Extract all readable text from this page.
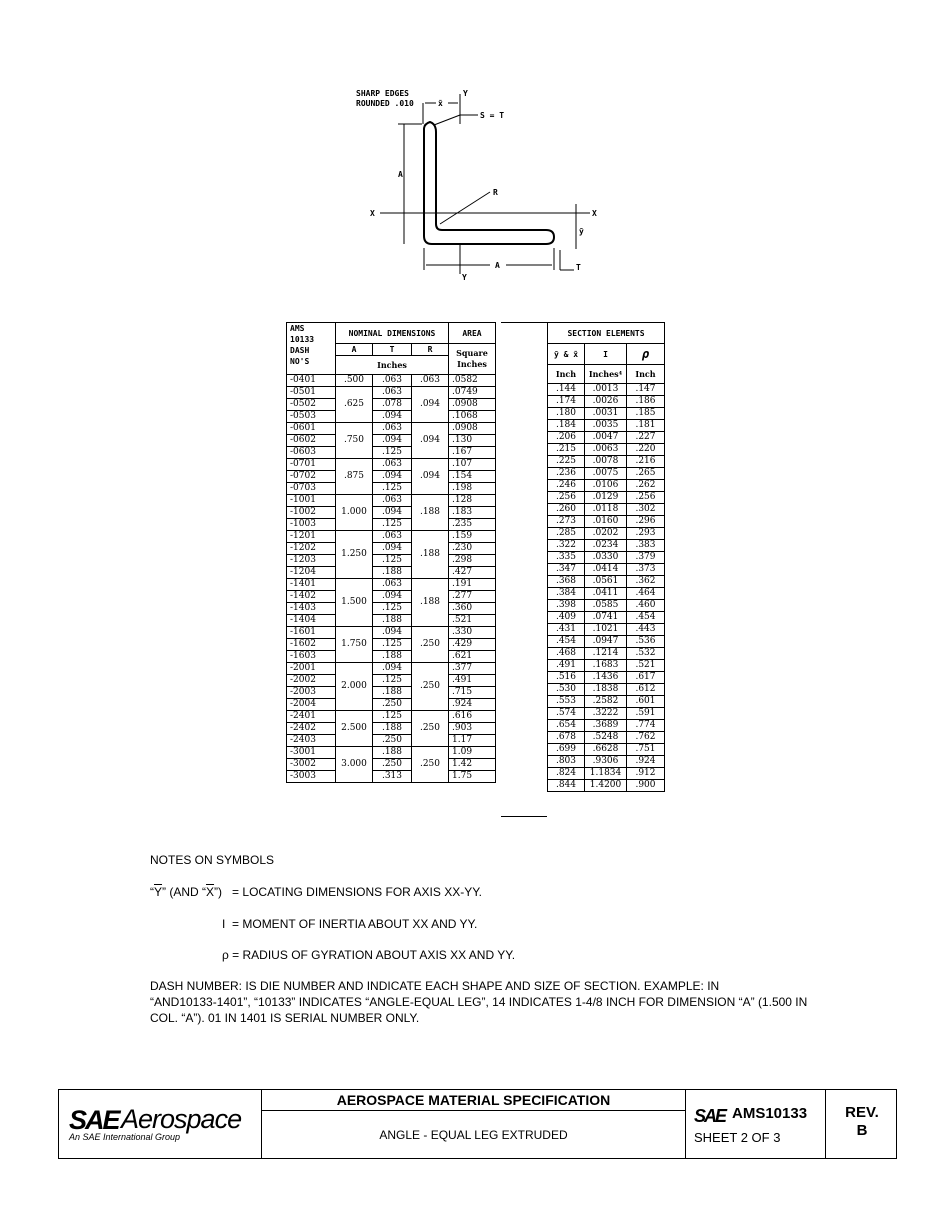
SHARP EDGES
ROUNDED .010	x̄
Y
S = T
R
X	X
Y
A
A
ȳ
T
AMS
10133
DASH
NO'S	NOMINAL DIMENSIONS			AREA
	A	T	R	Square
Inches

	Inches			
-0401	.500	.063	.063	.0582
-0501	.625	.063	.094	.0749
-0502		.078		.0908
-0503		.094		.1068
-0601	.750	.063	.094	.0908
-0602		.094		.130
-0603		.125		.167
-0701	.875	.063	.094	.107
-0702		.094		.154
-0703		.125		.198
-1001	1.000	.063	.188	.128
-1002		.094		.183
-1003		.125		.235
-1201	1.250	.063	.188	.159
-1202		.094		.230
-1203		.125		.298
-1204		.188		.427
-1401	1.500	.063	.188	.191
-1402		.094		.277
-1403		.125		.360
-1404		.188		.521
-1601	1.750	.094	.250	.330
-1602		.125		.429
-1603		.188		.621
-2001	2.000	.094	.250	.377
-2002		.125		.491
-2003		.188		.715
-2004		.250		.924
-2401	2.500	.125	.250	.616
-2402		.188		.903
-2403		.250		1.17
-3001	3.000	.188	.250	1.09
-3002		.250		1.42
-3003		.313		1.75
SECTION ELEMENTS		
ȳ & x̄	I	ρ
Inch	Inches⁴	Inch
.144	.0013	.147
.174	.0026	.186
.180	.0031	.185
.184	.0035	.181
.206	.0047	.227
.215	.0063	.220
.225	.0078	.216
.236	.0075	.265
.246	.0106	.262
.256	.0129	.256
.260	.0118	.302
.273	.0160	.296
.285	.0202	.293
.322	.0234	.383
.335	.0330	.379
.347	.0414	.373
.368	.0561	.362
.384	.0411	.464
.398	.0585	.460
.409	.0741	.454
.431	.1021	.443
.454	.0947	.536
.468	.1214	.532
.491	.1683	.521
.516	.1436	.617
.530	.1838	.612
.553	.2582	.601
.574	.3222	.591
.654	.3689	.774
.678	.5248	.762
.699	.6628	.751
.803	.9306	.924
.824	1.1834	.912
.844	1.4200	.900
NOTES ON SYMBOLS
“$\overline{Y}$” (AND “$\overline{X}$”) = LOCATING DIMENSIONS FOR AXIS XX-YY.
I = MOMENT OF INERTIA ABOUT XX AND YY.
ρ = RADIUS OF GYRATION ABOUT AXIS XX AND YY.
DASH NUMBER: IS DIE NUMBER AND INDICATE EACH SHAPE AND SIZE OF SECTION. EXAMPLE: IN
“AND10133-1401”, “10133” INDICATES “ANGLE-EQUAL LEG”, 14 INDICATES 1-4/8 INCH FOR DIMENSION “A” (1.500 IN
COL. “A”). 01 IN 1401 IS SERIAL NUMBER ONLY.
SAE Aerospace
An SAE International Group
AEROSPACE MATERIAL SPECIFICATION
ANGLE - EQUAL LEG EXTRUDED
SAE AMS10133
SHEET 2 OF 3
REV.
B
